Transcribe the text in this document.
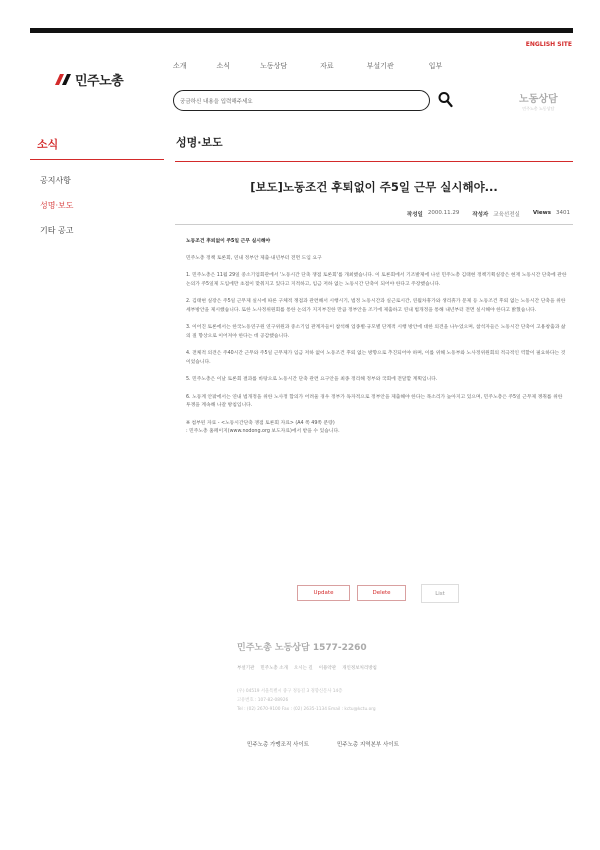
ENGLISH SITE
민주노총
소개	소식	노동상담	자료	부설기관	입부
궁금하신 내용을 입력해주세요	노동상담
민주노총 노동상담
소식
공지사항
성명·보도
기타 공고
성명·보도
[보도]노동조건 후퇴없이 주5일 근무 실시해야...
작성일 2000.11.29 작성자 교육선전실 Views 3401

노동조건 후퇴없이 주5일 근무 실시해야

민주노총 정책 토론회, 연내 정부안 제출·내년부터 전면 도입 요구

1. 민주노총은 11월 29일 중소기업회관에서 '노동시간 단축 쟁점 토론회'를 개최했습니다. 이 토론회에서 기조발제에 나선 민주노총 김태현 정책기획실장은 현재 노동시간 단축에 관한 논의가 주5일제 도입에만 초점이 맞춰지고 있다고 지적하고, 임금 저하 없는 노동시간 단축이 되어야 한다고 주장했습니다.

2. 김태현 실장은 주5일 근무제 실시에 따른 구체적 쟁점과 관련해서 시행시기, 법정 노동시간과 실근로시간, 연월차휴가와 생리휴가 문제 등 노동조건 후퇴 없는 노동시간 단축을 위한 세부방안을 제시했습니다. 또한 노사정위원회를 통한 논의가 지지부진한 만큼 정부안을 조기에 제출하고 연내 법개정을 통해 내년부터 전면 실시해야 한다고 밝혔습니다.

3. 이어진 토론에서는 한국노동연구원 연구위원과 중소기업 관계자들이 참석해 업종별·규모별 단계적 시행 방안에 대한 의견을 나누었으며, 참석자들은 노동시간 단축이 고용창출과 삶의 질 향상으로 이어져야 한다는 데 공감했습니다.

4. 전체적 의견은 주40시간 근무와 주5일 근무제가 임금 저하 없이 노동조건 후퇴 없는 방향으로 추진되어야 하며, 이를 위해 노동부와 노사정위원회의 적극적인 역할이 필요하다는 것이었습니다.

5. 민주노총은 이날 토론회 결과를 바탕으로 노동시간 단축 관련 요구안을 최종 정리해 정부와 국회에 전달할 계획입니다.

6. 노동계 안팎에서는 연내 법개정을 위한 노사정 합의가 어려울 경우 정부가 독자적으로 정부안을 제출해야 한다는 목소리가 높아지고 있으며, 민주노총은 주5일 근무제 쟁취를 위한 투쟁을 계속해 나갈 방침입니다.

※ 첨부된 자료 - <노동시간단축 쟁점 토론회 자료> (A4 쪽 49쪽 분량)

: 민주노총 홈페이지(www.nodong.org 보도자료)에서 받을 수 있습니다.

Update	Delete	List
민주노총 노동상담 1577-2260
부설기관 민주노총 소개 오시는 길 이용약관 개인정보처리방침
(우) 04519 서울특별시 중구 정동길 3 경향신문사 14층
고유번호 : 107-82-08926
Tel : (02) 2670-9100 Fax : (02) 2635-1134 Email : kctu@kctu.org
민주노총 가맹조직 사이트	민주노총 지역본부 사이트
